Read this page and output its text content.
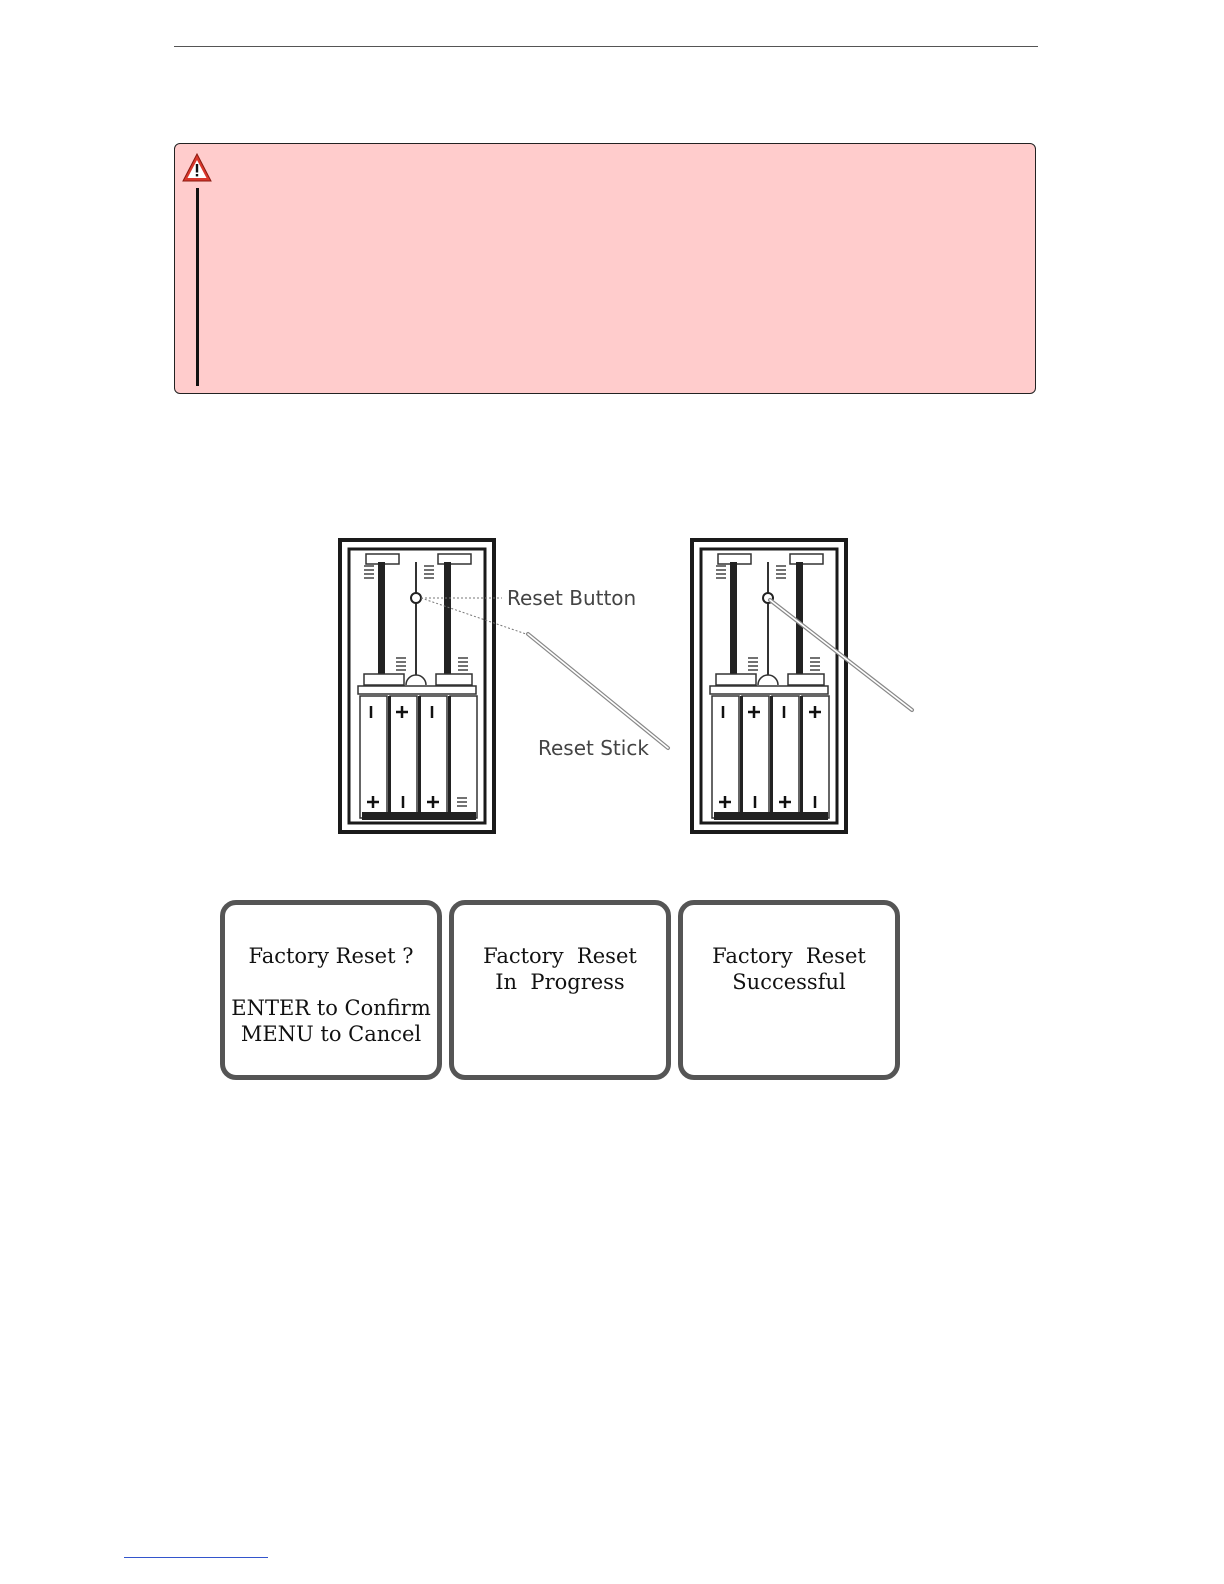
Reset Button
Reset Stick
Factory Reset ?

ENTER to Confirm
MENU to Cancel
Factory  Reset
In  Progress
Factory  Reset
Successful
